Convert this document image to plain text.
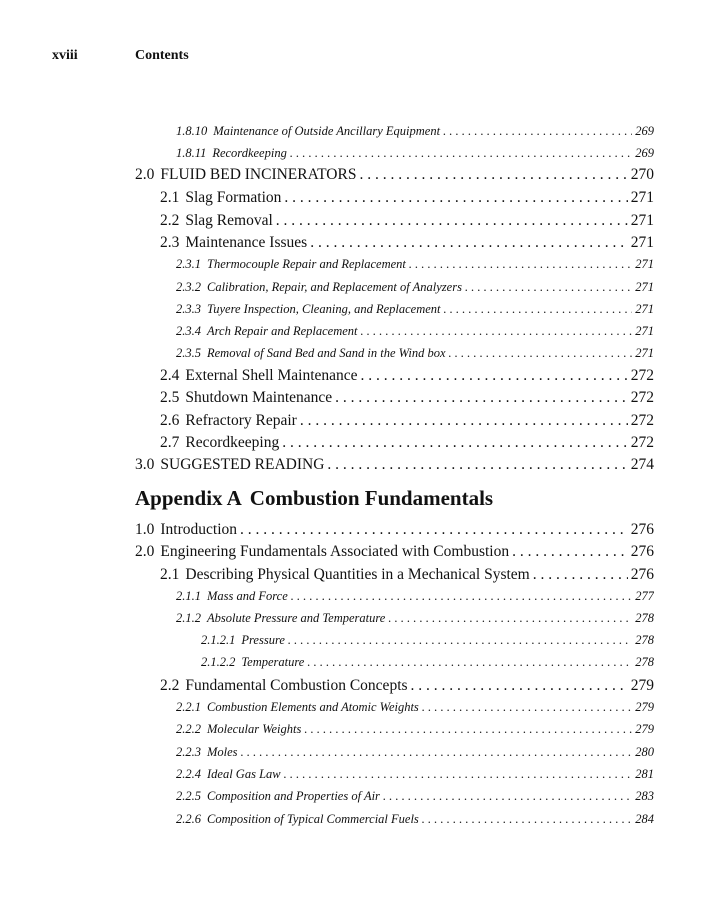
xviii	Contents
1.8.10 Maintenance of Outside Ancillary Equipment . . .	269
1.8.11 Recordkeeping . . .	269
2.0 FLUID BED INCINERATORS . . .	270
2.1 Slag Formation . . .	271
2.2 Slag Removal . . .	271
2.3 Maintenance Issues . . .	271
2.3.1 Thermocouple Repair and Replacement . . .	271
2.3.2 Calibration, Repair, and Replacement of Analyzers . . .	271
2.3.3 Tuyere Inspection, Cleaning, and Replacement . . .	271
2.3.4 Arch Repair and Replacement . . .	271
2.3.5 Removal of Sand Bed and Sand in the Wind box . . .	271
2.4 External Shell Maintenance . . .	272
2.5 Shutdown Maintenance . . .	272
2.6 Refractory Repair . . .	272
2.7 Recordkeeping . . .	272
3.0 SUGGESTED READING . . .	274
Appendix A Combustion Fundamentals
1.0 Introduction . . .	276
2.0 Engineering Fundamentals Associated with Combustion . . .	276
2.1 Describing Physical Quantities in a Mechanical System . . .	276
2.1.1 Mass and Force . . .	277
2.1.2 Absolute Pressure and Temperature . . .	278
2.1.2.1 Pressure . . .	278
2.1.2.2 Temperature . . .	278
2.2 Fundamental Combustion Concepts . . .	279
2.2.1 Combustion Elements and Atomic Weights . . .	279
2.2.2 Molecular Weights . . .	279
2.2.3 Moles . . .	280
2.2.4 Ideal Gas Law . . .	281
2.2.5 Composition and Properties of Air . . .	283
2.2.6 Composition of Typical Commercial Fuels . . .	284
